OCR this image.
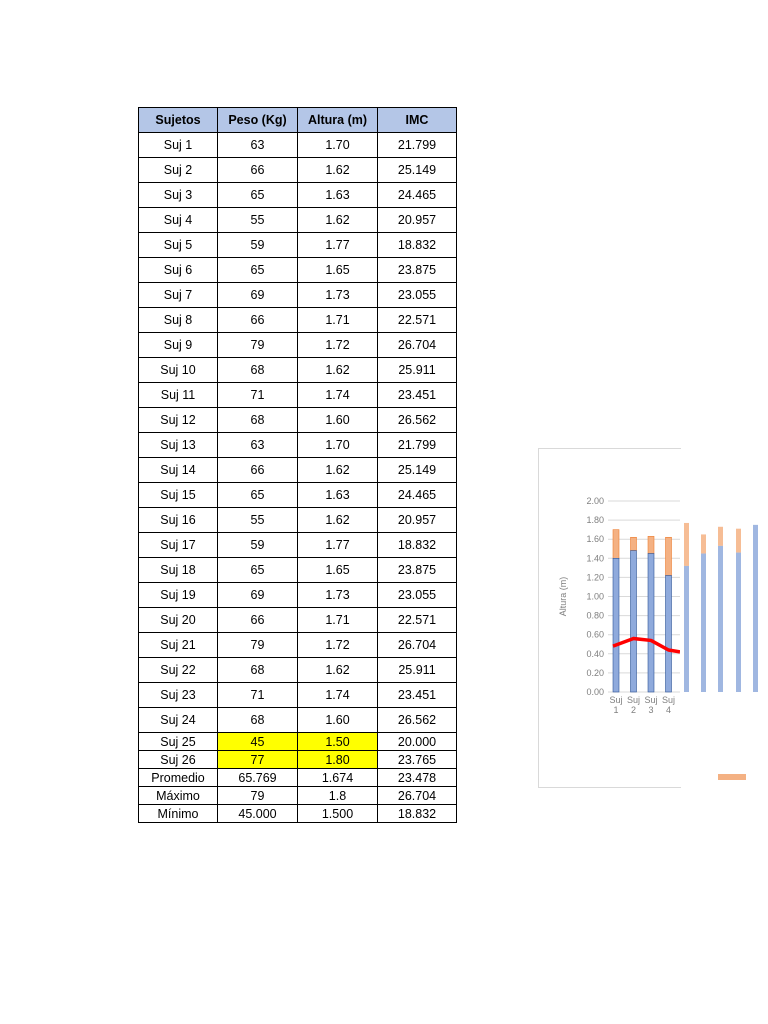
Sujetos	Peso (Kg)	Altura (m)	IMC
Suj 1	63	1.70	21.799
Suj 2	66	1.62	25.149
Suj 3	65	1.63	24.465
Suj 4	55	1.62	20.957
Suj 5	59	1.77	18.832
Suj 6	65	1.65	23.875
Suj 7	69	1.73	23.055
Suj 8	66	1.71	22.571
Suj 9	79	1.72	26.704
Suj 10	68	1.62	25.911
Suj 11	71	1.74	23.451
Suj 12	68	1.60	26.562
Suj 13	63	1.70	21.799
Suj 14	66	1.62	25.149
Suj 15	65	1.63	24.465
Suj 16	55	1.62	20.957
Suj 17	59	1.77	18.832
Suj 18	65	1.65	23.875
Suj 19	69	1.73	23.055
Suj 20	66	1.71	22.571
Suj 21	79	1.72	26.704
Suj 22	68	1.62	25.911
Suj 23	71	1.74	23.451
Suj 24	68	1.60	26.562
Suj 25	45	1.50	20.000
Suj 26	77	1.80	23.765
Promedio	65.769	1.674	23.478
Máximo	79	1.8	26.704
Mínimo	45.000	1.500	18.832
0.00
0.20
0.40
0.60
0.80
1.00
1.20
1.40
1.60
1.80
2.00
Altura (m)
Suj
1
Suj
2
Suj
3
Suj
4
